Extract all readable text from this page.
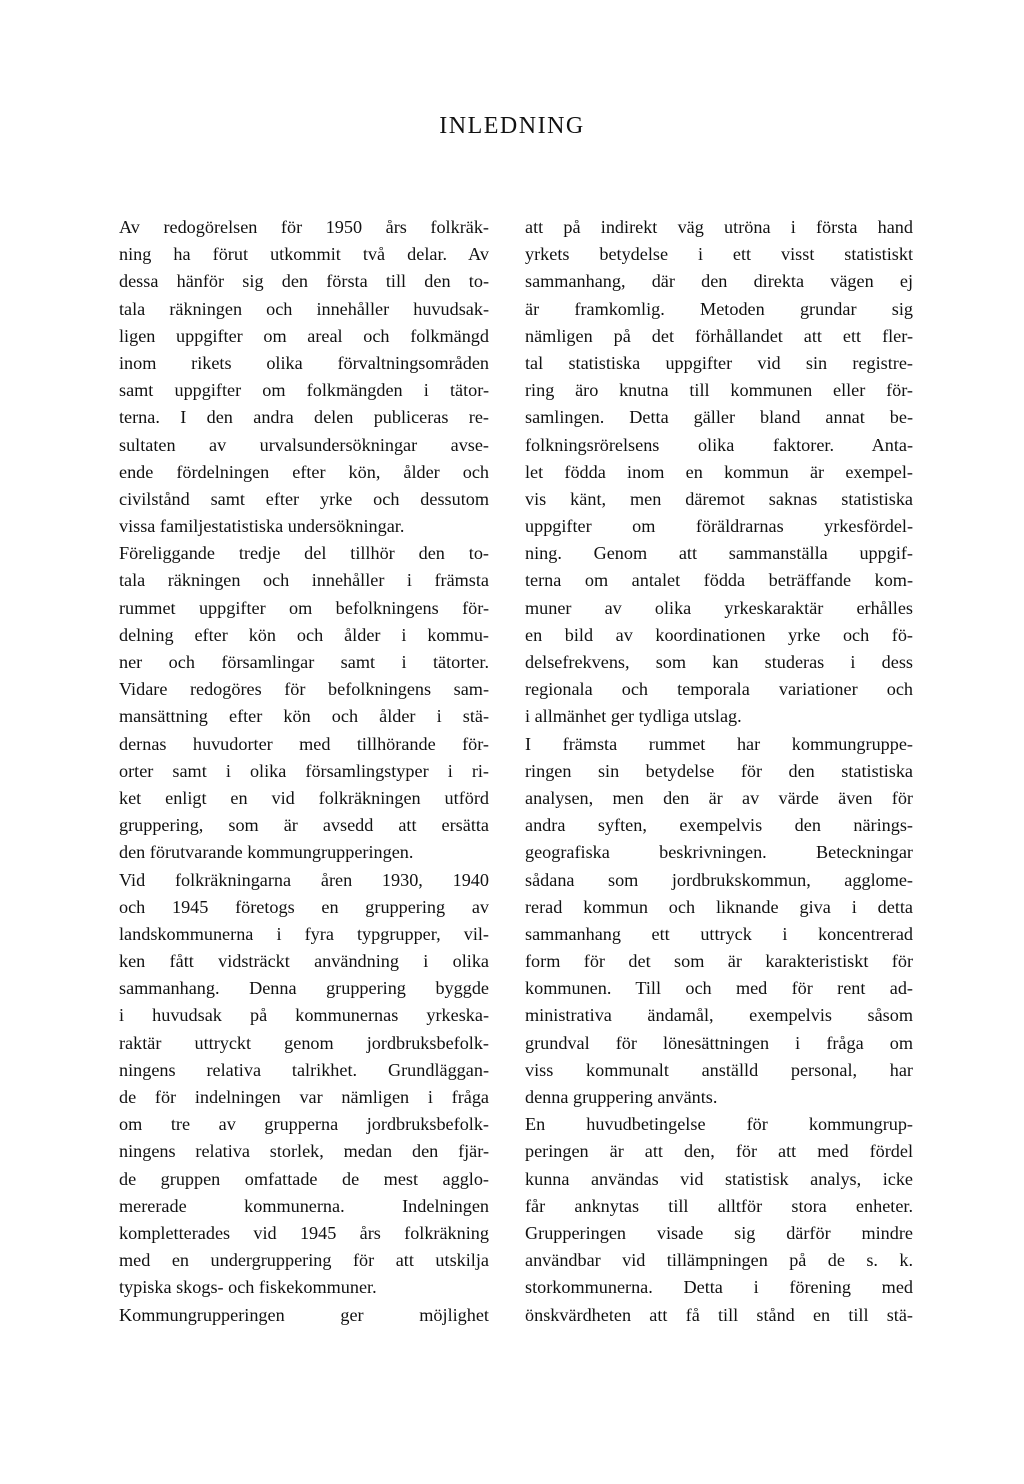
INLEDNING
Av redogörelsen för 1950 års folkräk-
ning ha förut utkommit två delar. Av
dessa hänför sig den första till den to-
tala räkningen och innehåller huvudsak-
ligen uppgifter om areal och folkmängd
inom rikets olika förvaltningsområden
samt uppgifter om folkmängden i tätor-
terna. I den andra delen publiceras re-
sultaten av urvalsundersökningar avse-
ende fördelningen efter kön, ålder och
civilstånd samt efter yrke och dessutom
vissa familjestatistiska undersökningar.
Föreliggande tredje del tillhör den to-
tala räkningen och innehåller i främsta
rummet uppgifter om befolkningens för-
delning efter kön och ålder i kommu-
ner och församlingar samt i tätorter.
Vidare redogöres för befolkningens sam-
mansättning efter kön och ålder i stä-
dernas huvudorter med tillhörande för-
orter samt i olika församlingstyper i ri-
ket enligt en vid folkräkningen utförd
gruppering, som är avsedd att ersätta
den förutvarande kommungrupperingen.
Vid folkräkningarna åren 1930, 1940
och 1945 företogs en gruppering av
landskommunerna i fyra typgrupper, vil-
ken fått vidsträckt användning i olika
sammanhang. Denna gruppering byggde
i huvudsak på kommunernas yrkeska-
raktär uttryckt genom jordbruksbefolk-
ningens relativa talrikhet. Grundläggan-
de för indelningen var nämligen i fråga
om tre av grupperna jordbruksbefolk-
ningens relativa storlek, medan den fjär-
de gruppen omfattade de mest agglo-
mererade kommunerna. Indelningen
kompletterades vid 1945 års folkräkning
med en undergruppering för att utskilja
typiska skogs- och fiskekommuner.
Kommungrupperingen ger möjlighet
att på indirekt väg utröna i första hand
yrkets betydelse i ett visst statistiskt
sammanhang, där den direkta vägen ej
är framkomlig. Metoden grundar sig
nämligen på det förhållandet att ett fler-
tal statistiska uppgifter vid sin registre-
ring äro knutna till kommunen eller för-
samlingen. Detta gäller bland annat be-
folkningsrörelsens olika faktorer. Anta-
let födda inom en kommun är exempel-
vis känt, men däremot saknas statistiska
uppgifter om föräldrarnas yrkesfördel-
ning. Genom att sammanställa uppgif-
terna om antalet födda beträffande kom-
muner av olika yrkeskaraktär erhålles
en bild av koordinationen yrke och fö-
delsefrekvens, som kan studeras i dess
regionala och temporala variationer och
i allmänhet ger tydliga utslag.
I främsta rummet har kommungruppe-
ringen sin betydelse för den statistiska
analysen, men den är av värde även för
andra syften, exempelvis den närings-
geografiska beskrivningen. Beteckningar
sådana som jordbrukskommun, agglome-
rerad kommun och liknande giva i detta
sammanhang ett uttryck i koncentrerad
form för det som är karakteristiskt för
kommunen. Till och med för rent ad-
ministrativa ändamål, exempelvis såsom
grundval för lönesättningen i fråga om
viss kommunalt anställd personal, har
denna gruppering använts.
En huvudbetingelse för kommungrup-
peringen är att den, för att med fördel
kunna användas vid statistisk analys, icke
får anknytas till alltför stora enheter.
Grupperingen visade sig därför mindre
användbar vid tillämpningen på de s. k.
storkommunerna. Detta i förening med
önskvärdheten att få till stånd en till stä-
